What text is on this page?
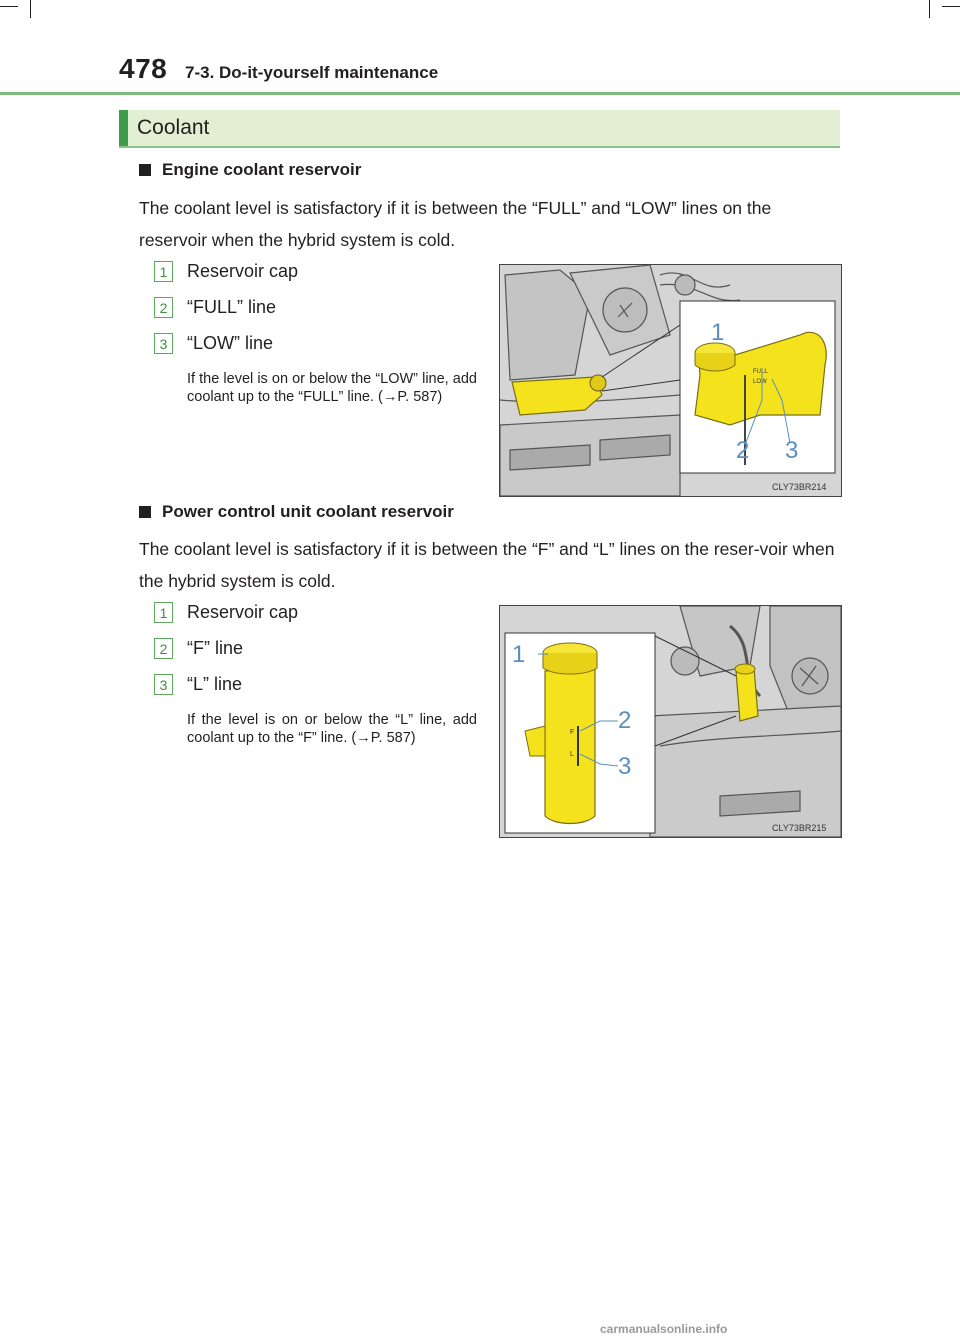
478 7-3. Do-it-yourself maintenance
Coolant
Engine coolant reservoir
The coolant level is satisfactory if it is between the “FULL” and “LOW” lines on the reservoir when the hybrid system is cold.
1	Reservoir cap
2	“FULL” line
3	“LOW” line
If the level is on or below the “LOW” line, add coolant up to the “FULL” line. (→P. 587)
FULL
LOW
1
2 3
CLY73BR214
Power control unit coolant reservoir
The coolant level is satisfactory if it is between the “F” and “L” lines on the reser-voir when the hybrid system is cold.
1	Reservoir cap
2	“F” line
3	“L” line
If the level is on or below the “L” line, add coolant up to the “F” line. (→P. 587)	F
L
1
2
3
CLY73BR215
carmanualsonline.info
